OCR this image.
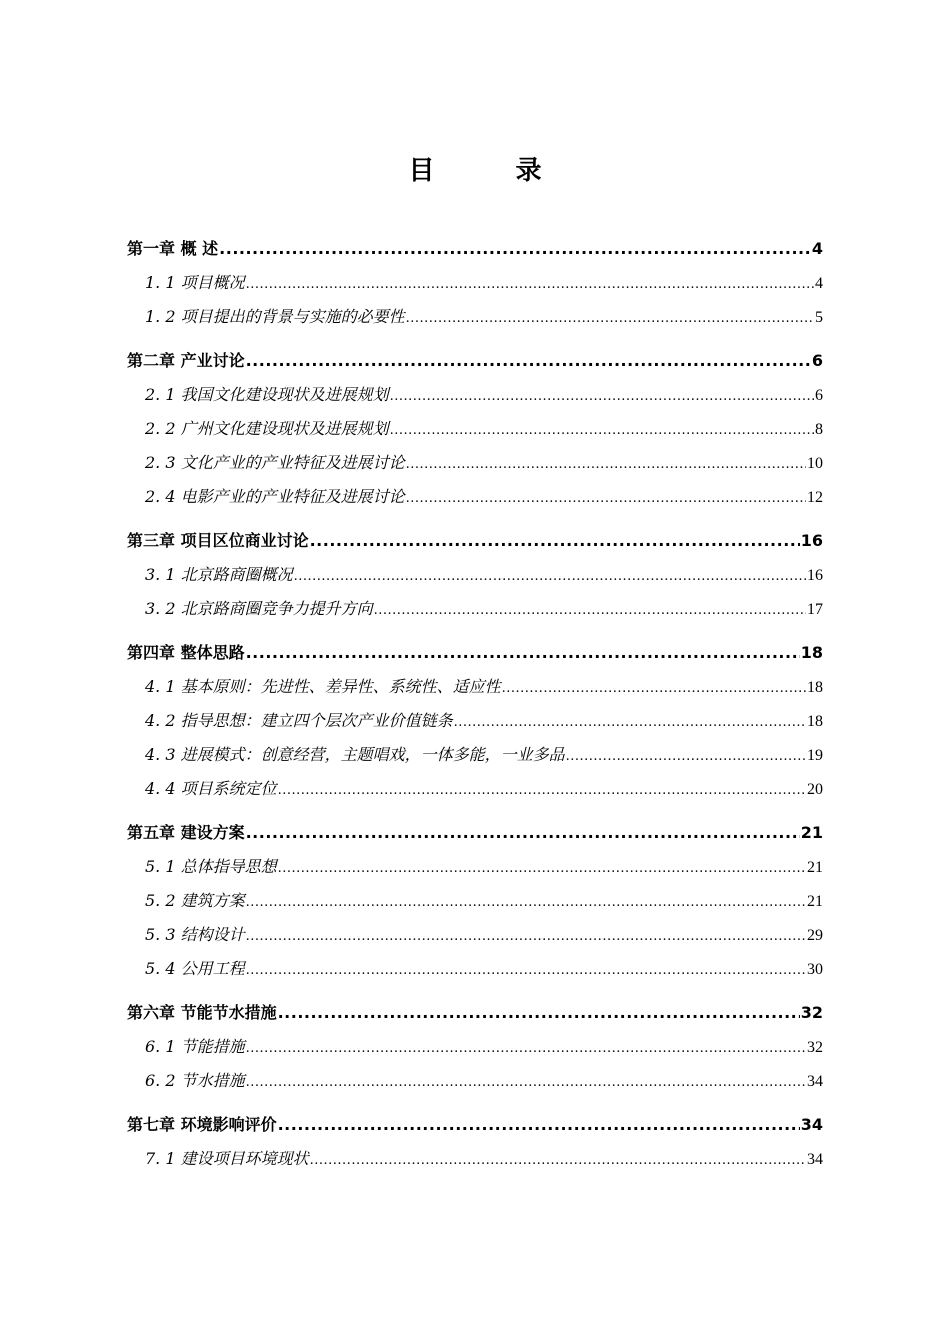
目 录
第一章 概 述 .....	4
1. 1 项目概况 .....	4
1. 2 项目提出的背景与实施的必要性 .....	5
第二章 产业讨论 .....	6
2. 1 我国文化建设现状及进展规划 .....	6
2. 2 广州文化建设现状及进展规划 .....	8
2. 3 文化产业的产业特征及进展讨论 .....	10
2. 4 电影产业的产业特征及进展讨论 .....	12
第三章 项目区位商业讨论 .....	16
3. 1 北京路商圈概况 .....	16
3. 2 北京路商圈竞争力提升方向 .....	17
第四章 整体思路 .....	18
4. 1 基本原则：先进性、差异性、系统性、适应性 .....	18
4. 2 指导思想：建立四个层次产业价值链条 .....	18
4. 3 进展模式：创意经营，主题唱戏，一体多能，一业多品 .....	19
4. 4 项目系统定位 .....	20
第五章 建设方案 .....	21
5. 1 总体指导思想 .....	21
5. 2 建筑方案 .....	21
5. 3 结构设计 .....	29
5. 4 公用工程 .....	30
第六章 节能节水措施 .....	32
6. 1 节能措施 .....	32
6. 2 节水措施 .....	34
第七章 环境影响评价 .....	34
7. 1 建设项目环境现状 .....	34
